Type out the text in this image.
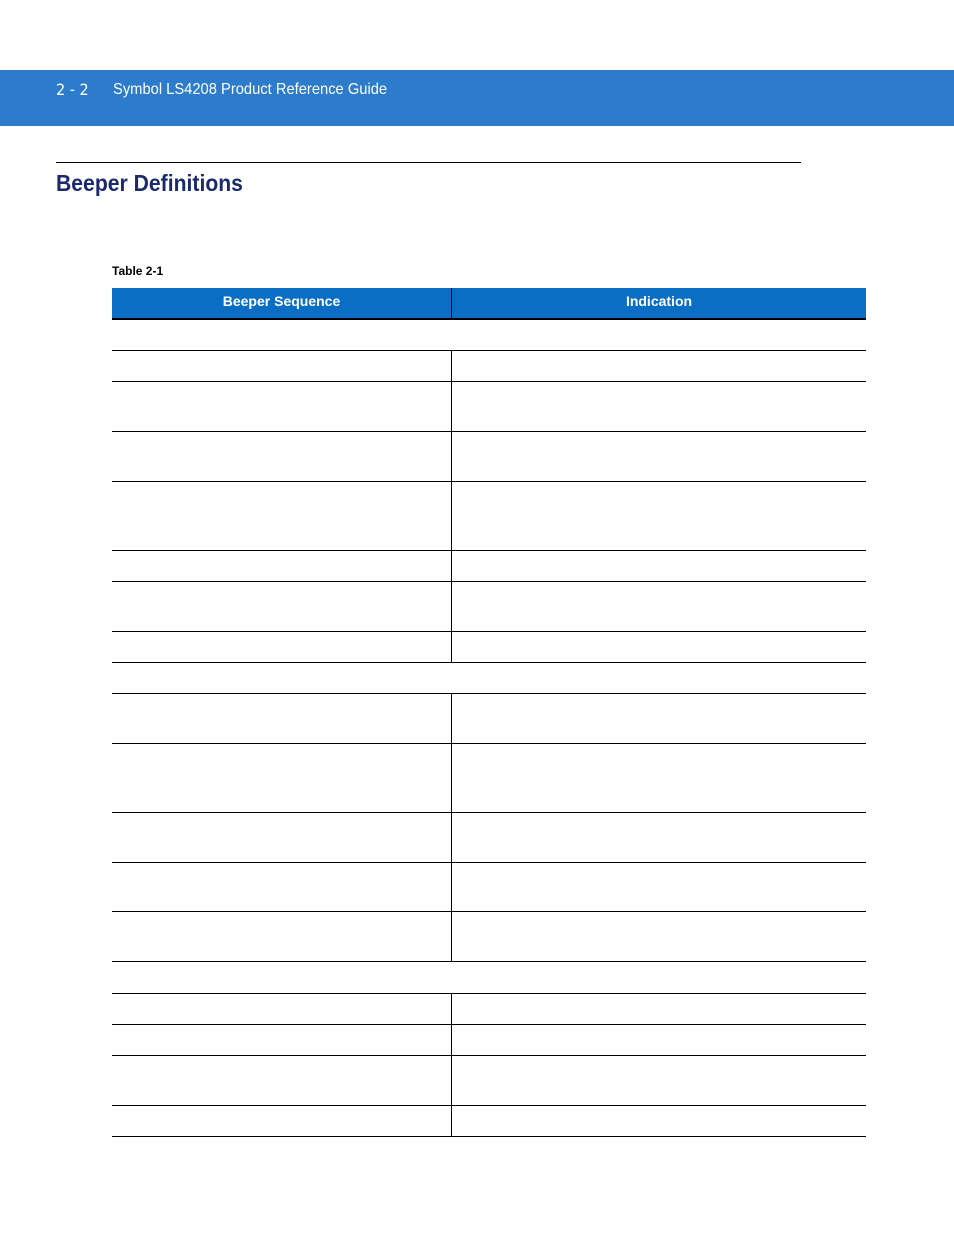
2 - 2 Symbol LS4208 Product Reference Guide
Beeper Definitions
Table 2-1
Beeper Sequence	Indication
